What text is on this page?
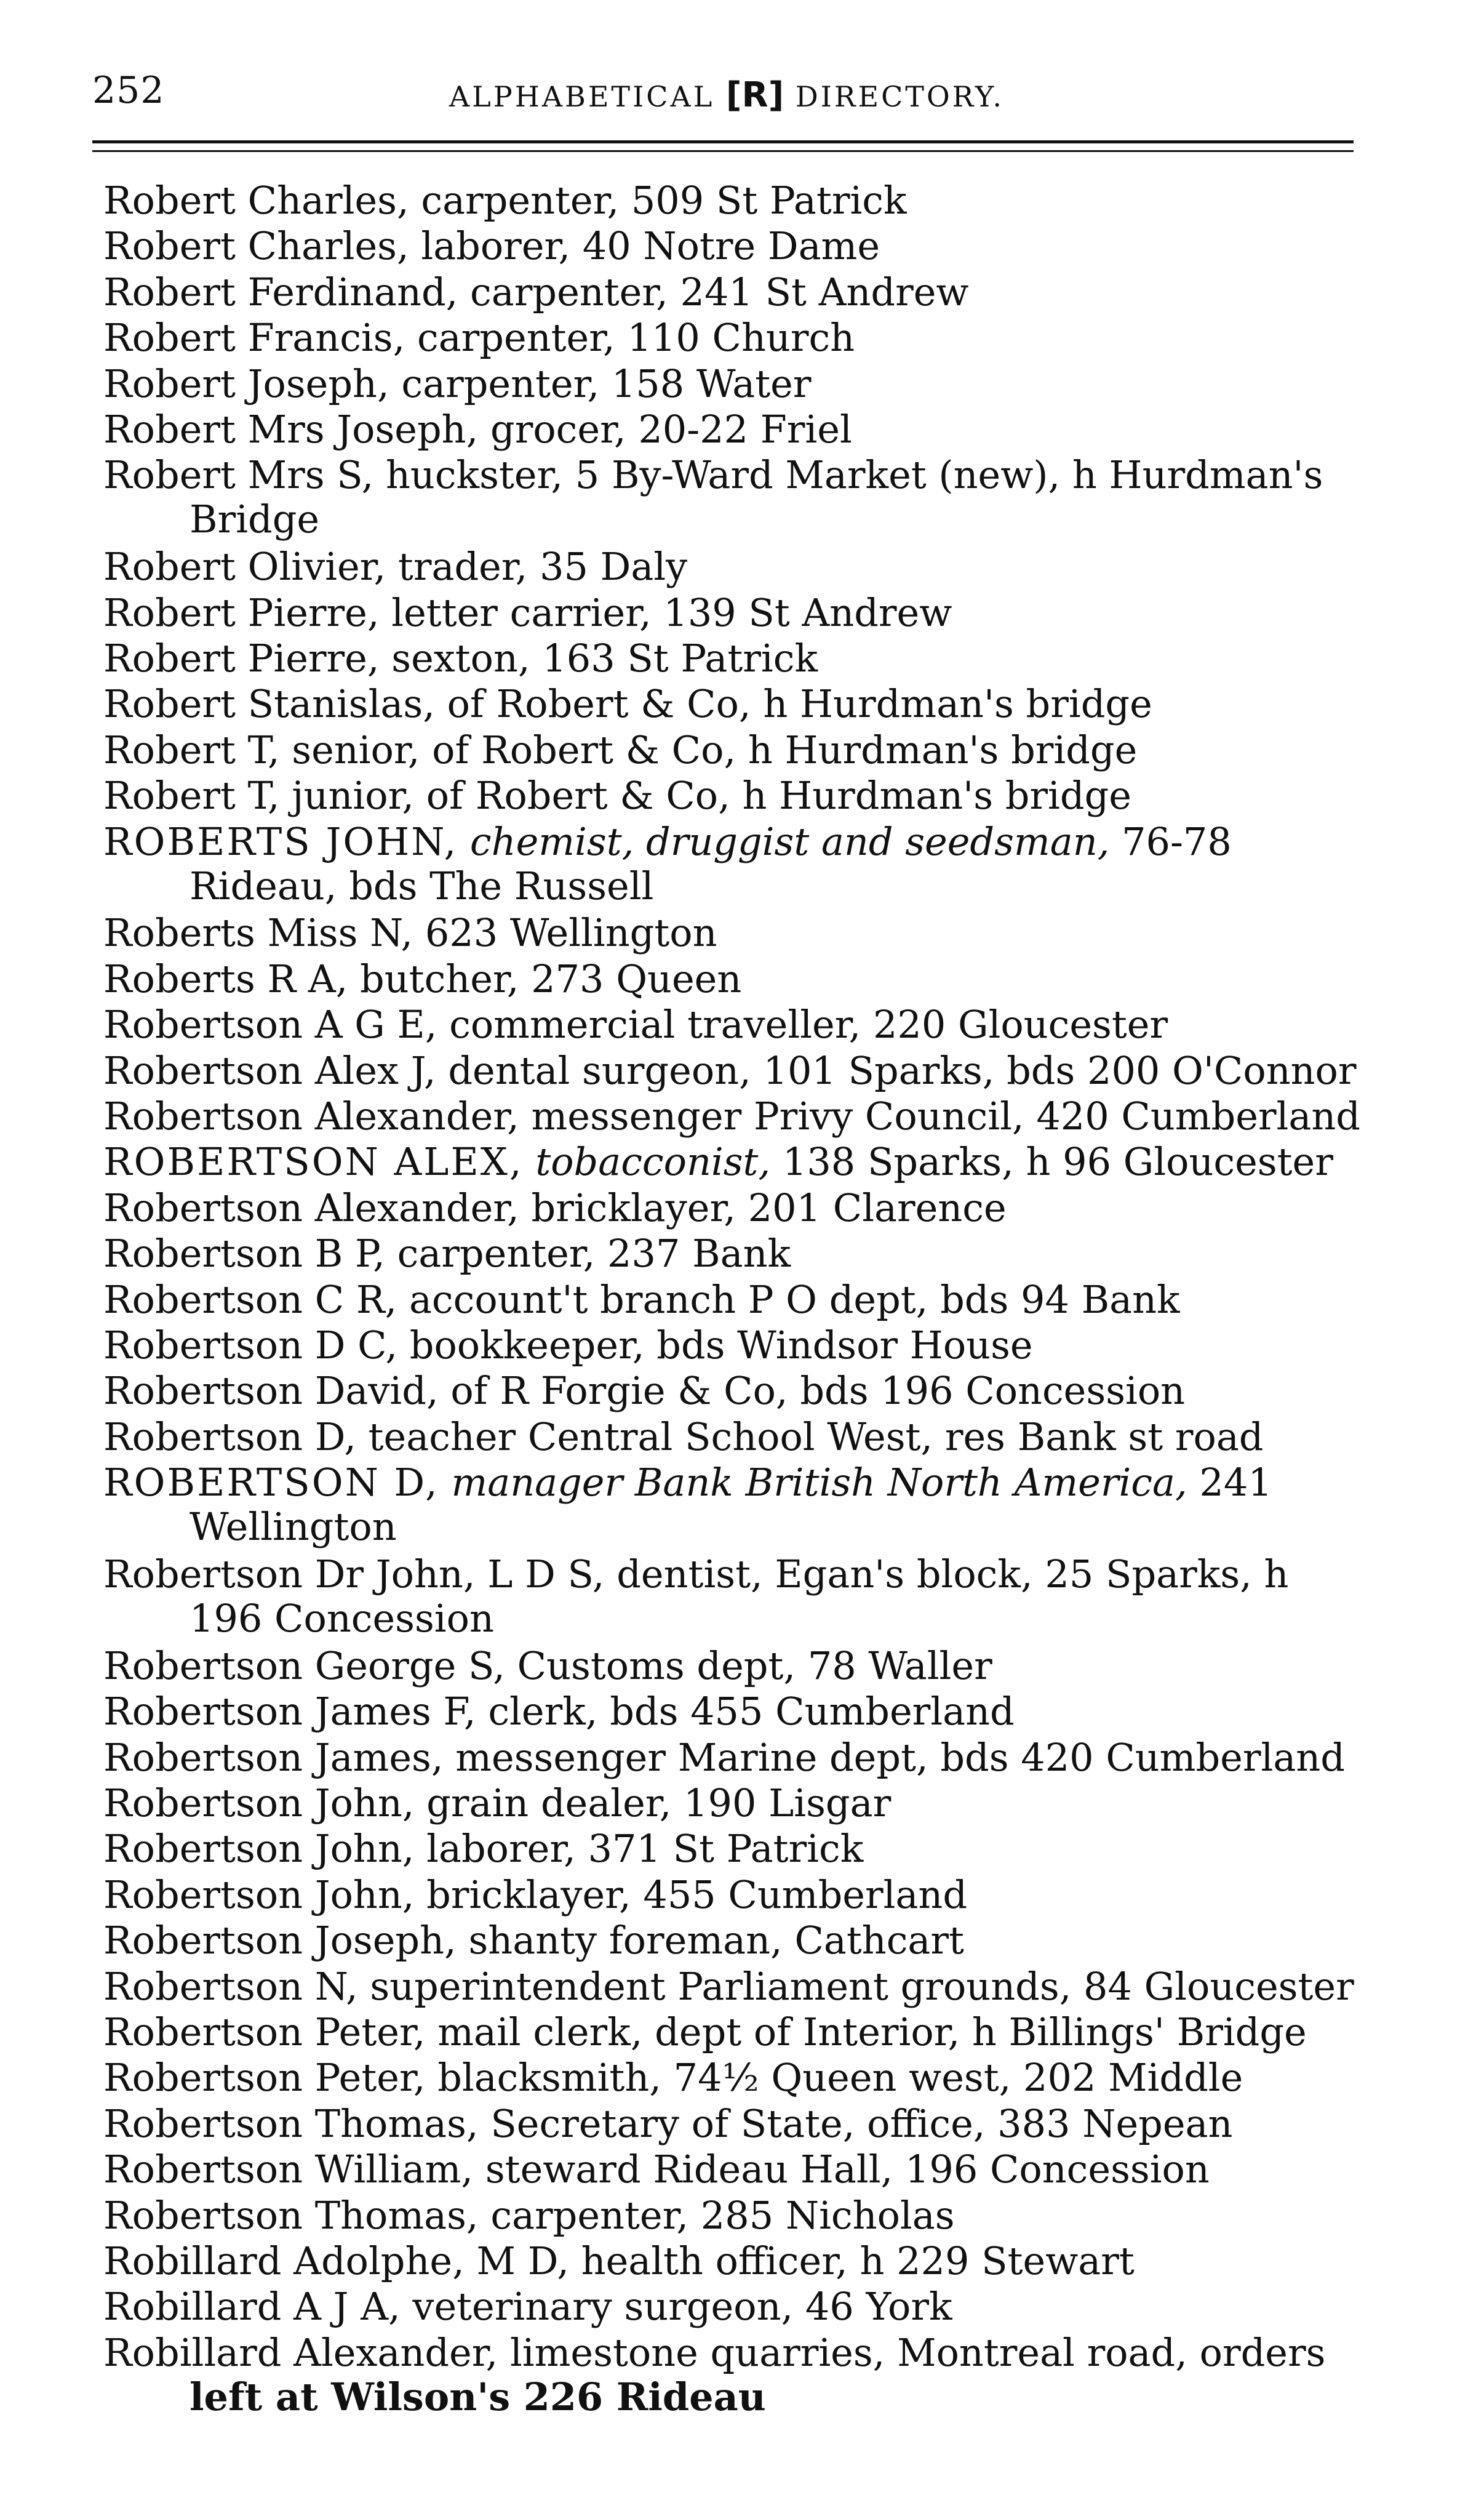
252	ALPHABETICAL [R] DIRECTORY.
Robert Charles, carpenter, 509 St Patrick
Robert Charles, laborer, 40 Notre Dame
Robert Ferdinand, carpenter, 241 St Andrew
Robert Francis, carpenter, 110 Church
Robert Joseph, carpenter, 158 Water
Robert Mrs Joseph, grocer, 20-22 Friel
Robert Mrs S, huckster, 5 By-Ward Market (new), h Hurdman's
Bridge
Robert Olivier, trader, 35 Daly
Robert Pierre, letter carrier, 139 St Andrew
Robert Pierre, sexton, 163 St Patrick
Robert Stanislas, of Robert & Co, h Hurdman's bridge
Robert T, senior, of Robert & Co, h Hurdman's bridge
Robert T, junior, of Robert & Co, h Hurdman's bridge
ROBERTS JOHN, chemist, druggist and seedsman, 76-78
Rideau, bds The Russell
Roberts Miss N, 623 Wellington
Roberts R A, butcher, 273 Queen
Robertson A G E, commercial traveller, 220 Gloucester
Robertson Alex J, dental surgeon, 101 Sparks, bds 200 O'Connor
Robertson Alexander, messenger Privy Council, 420 Cumberland
ROBERTSON ALEX, tobacconist, 138 Sparks, h 96 Gloucester
Robertson Alexander, bricklayer, 201 Clarence
Robertson B P, carpenter, 237 Bank
Robertson C R, account't branch P O dept, bds 94 Bank
Robertson D C, bookkeeper, bds Windsor House
Robertson David, of R Forgie & Co, bds 196 Concession
Robertson D, teacher Central School West, res Bank st road
ROBERTSON D, manager Bank British North America, 241
Wellington
Robertson Dr John, L D S, dentist, Egan's block, 25 Sparks, h
196 Concession
Robertson George S, Customs dept, 78 Waller
Robertson James F, clerk, bds 455 Cumberland
Robertson James, messenger Marine dept, bds 420 Cumberland
Robertson John, grain dealer, 190 Lisgar
Robertson John, laborer, 371 St Patrick
Robertson John, bricklayer, 455 Cumberland
Robertson Joseph, shanty foreman, Cathcart
Robertson N, superintendent Parliament grounds, 84 Gloucester
Robertson Peter, mail clerk, dept of Interior, h Billings' Bridge
Robertson Peter, blacksmith, 74½ Queen west, 202 Middle
Robertson Thomas, Secretary of State, office, 383 Nepean
Robertson William, steward Rideau Hall, 196 Concession
Robertson Thomas, carpenter, 285 Nicholas
Robillard Adolphe, M D, health officer, h 229 Stewart
Robillard A J A, veterinary surgeon, 46 York
Robillard Alexander, limestone quarries, Montreal road, orders
left at Wilson's 226 Rideau
